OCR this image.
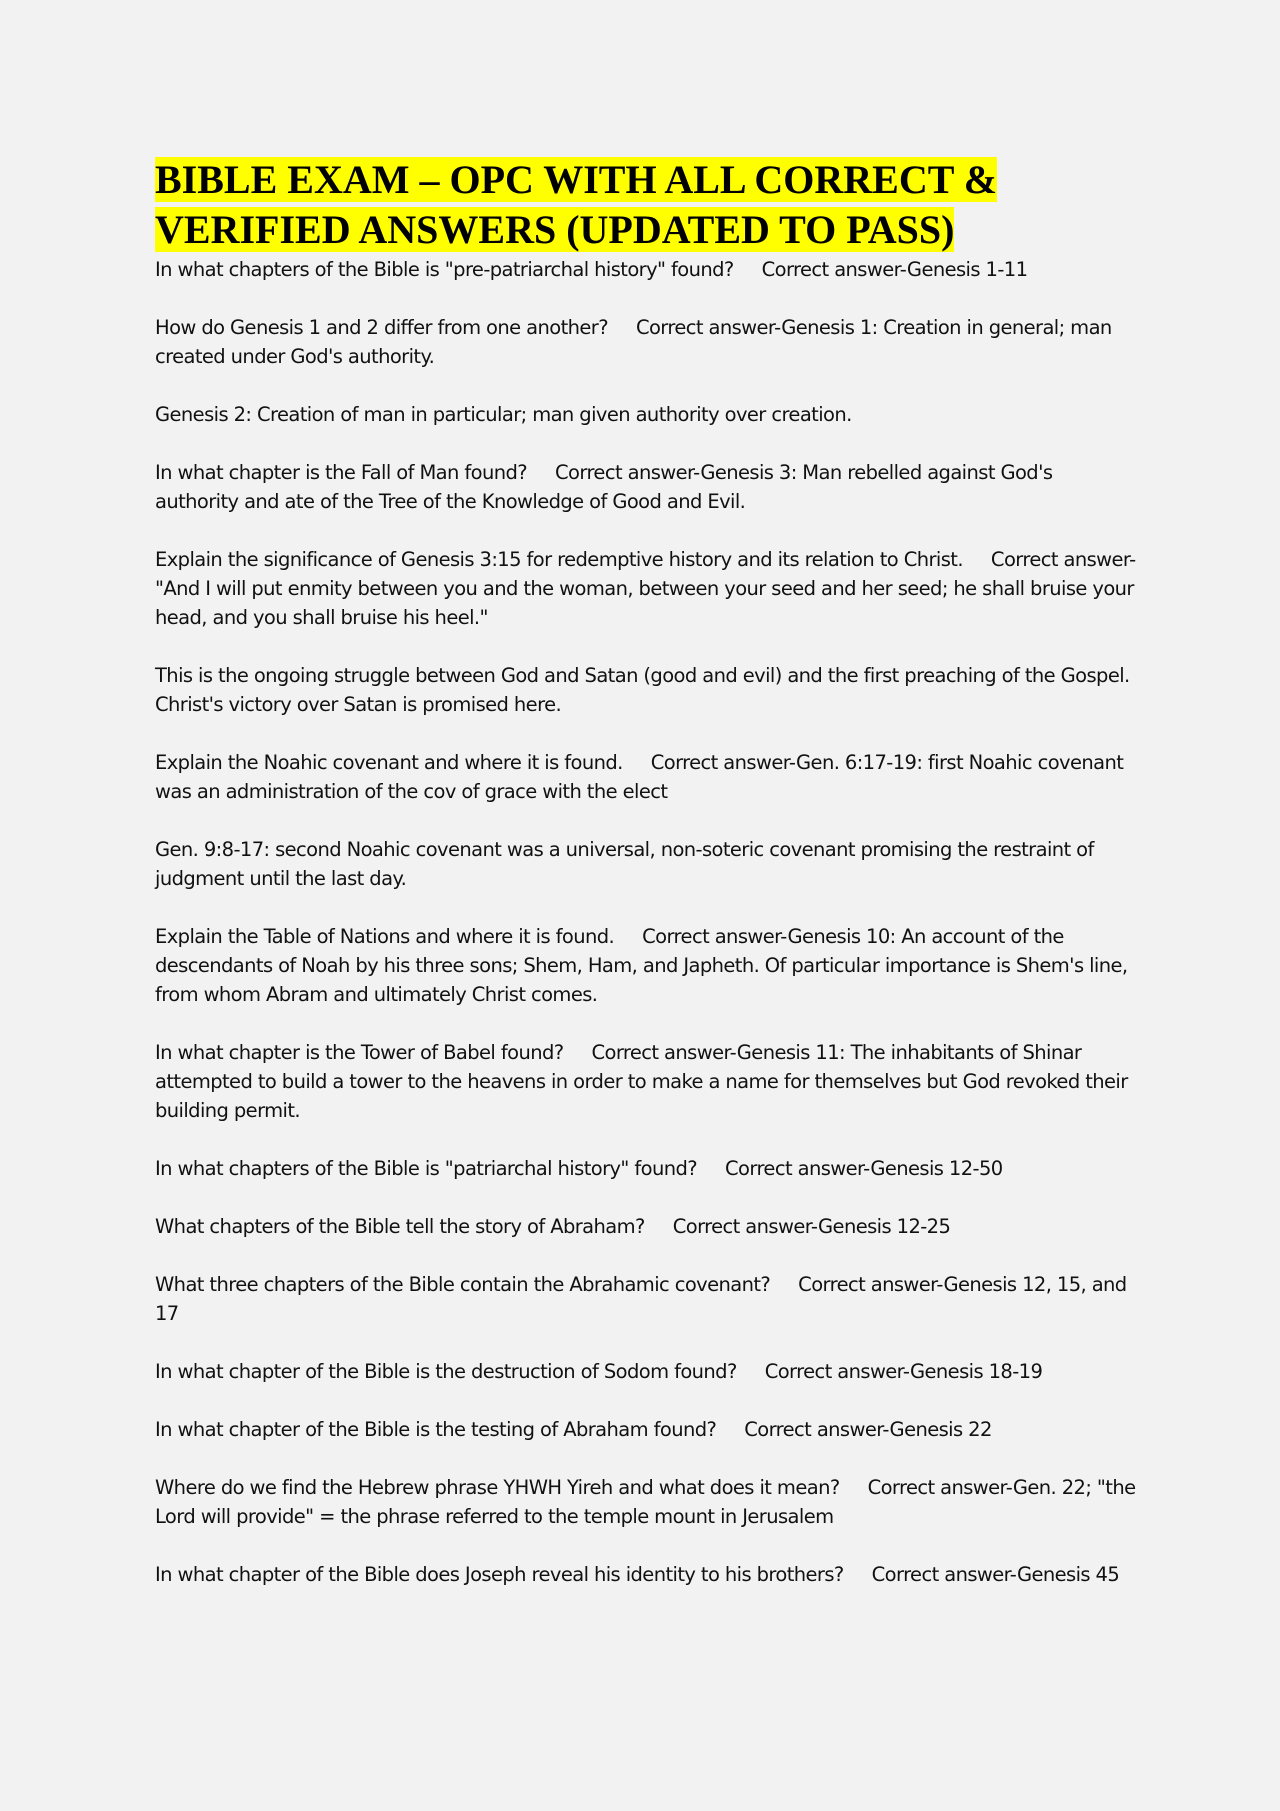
BIBLE EXAM – OPC WITH ALL CORRECT &
VERIFIED ANSWERS (UPDATED TO PASS)

In what chapters of the Bible is "pre-patriarchal history" found?     Correct answer-Genesis 1-11

How do Genesis 1 and 2 differ from one another?     Correct answer-Genesis 1: Creation in general; man created under God's authority.

Genesis 2: Creation of man in particular; man given authority over creation.

In what chapter is the Fall of Man found?     Correct answer-Genesis 3: Man rebelled against God's authority and ate of the Tree of the Knowledge of Good and Evil.

Explain the significance of Genesis 3:15 for redemptive history and its relation to Christ.     Correct answer-"And I will put enmity between you and the woman, between your seed and her seed; he shall bruise your head, and you shall bruise his heel."

This is the ongoing struggle between God and Satan (good and evil) and the first preaching of the Gospel. Christ's victory over Satan is promised here.

Explain the Noahic covenant and where it is found.     Correct answer-Gen. 6:17-19: first Noahic covenant was an administration of the cov of grace with the elect

Gen. 9:8-17: second Noahic covenant was a universal, non-soteric covenant promising the restraint of judgment until the last day.

Explain the Table of Nations and where it is found.     Correct answer-Genesis 10: An account of the descendants of Noah by his three sons; Shem, Ham, and Japheth. Of particular importance is Shem's line, from whom Abram and ultimately Christ comes.

In what chapter is the Tower of Babel found?     Correct answer-Genesis 11: The inhabitants of Shinar attempted to build a tower to the heavens in order to make a name for themselves but God revoked their building permit.

In what chapters of the Bible is "patriarchal history" found?     Correct answer-Genesis 12-50

What chapters of the Bible tell the story of Abraham?     Correct answer-Genesis 12-25

What three chapters of the Bible contain the Abrahamic covenant?     Correct answer-Genesis 12, 15, and 17

In what chapter of the Bible is the destruction of Sodom found?     Correct answer-Genesis 18-19

In what chapter of the Bible is the testing of Abraham found?     Correct answer-Genesis 22

Where do we find the Hebrew phrase YHWH Yireh and what does it mean?     Correct answer-Gen. 22; "the Lord will provide" = the phrase referred to the temple mount in Jerusalem

In what chapter of the Bible does Joseph reveal his identity to his brothers?     Correct answer-Genesis 45
